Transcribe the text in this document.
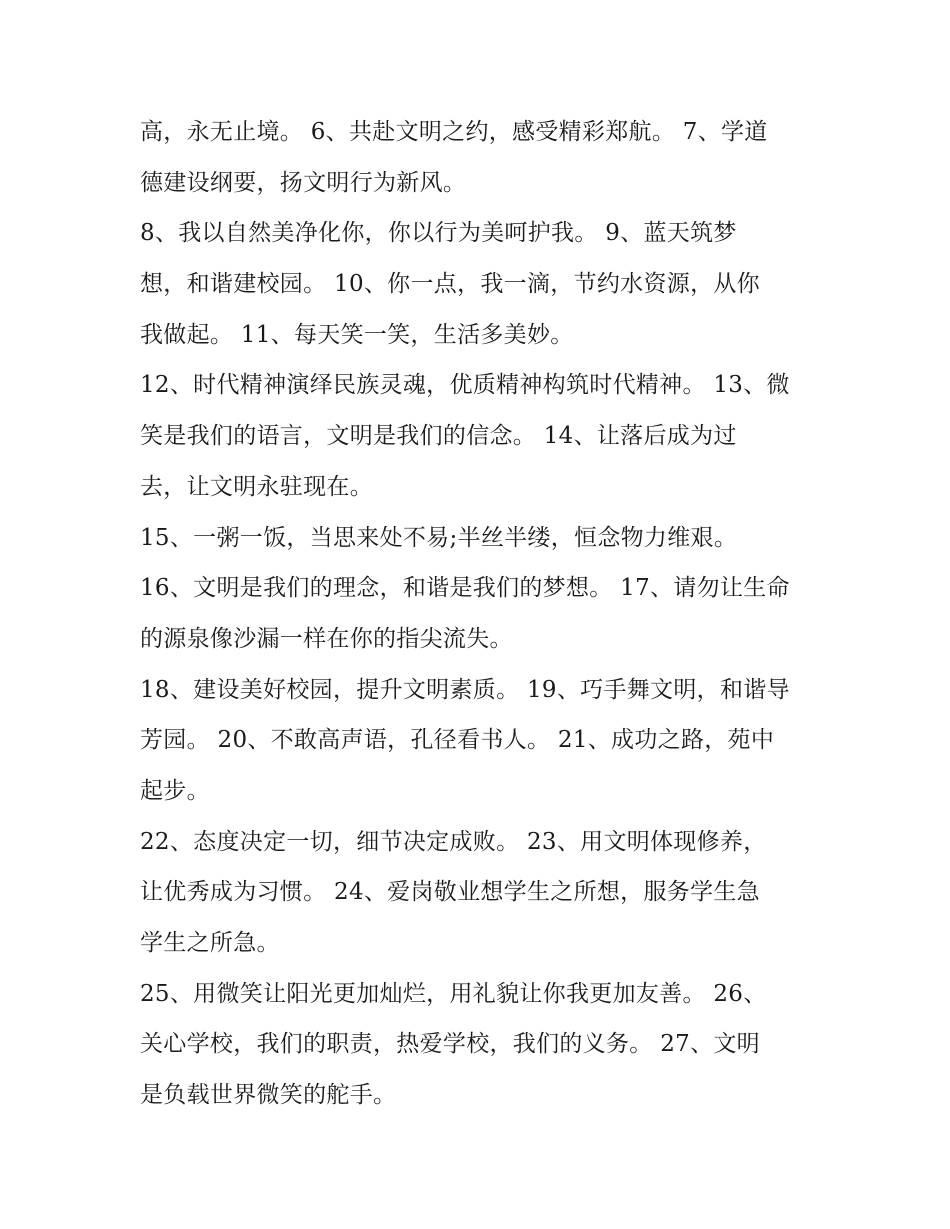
高，永无止境。 6、共赴文明之约，感受精彩郑航。 7、学道
德建设纲要，扬文明行为新风。
8、我以自然美净化你，你以行为美呵护我。 9、蓝天筑梦
想，和谐建校园。 10、你一点，我一滴，节约水资源，从你
我做起。 11、每天笑一笑，生活多美妙。
12、时代精神演绎民族灵魂，优质精神构筑时代精神。 13、微
笑是我们的语言，文明是我们的信念。 14、让落后成为过
去，让文明永驻现在。
15、一粥一饭，当思来处不易;半丝半缕，恒念物力维艰。
16、文明是我们的理念，和谐是我们的梦想。 17、请勿让生命
的源泉像沙漏一样在你的指尖流失。
18、建设美好校园，提升文明素质。 19、巧手舞文明，和谐导
芳园。 20、不敢高声语，孔径看书人。 21、成功之路，苑中
起步。
22、态度决定一切，细节决定成败。 23、用文明体现修养，
让优秀成为习惯。 24、爱岗敬业想学生之所想，服务学生急
学生之所急。
25、用微笑让阳光更加灿烂，用礼貌让你我更加友善。 26、
关心学校，我们的职责，热爱学校，我们的义务。 27、文明
是负载世界微笑的舵手。
